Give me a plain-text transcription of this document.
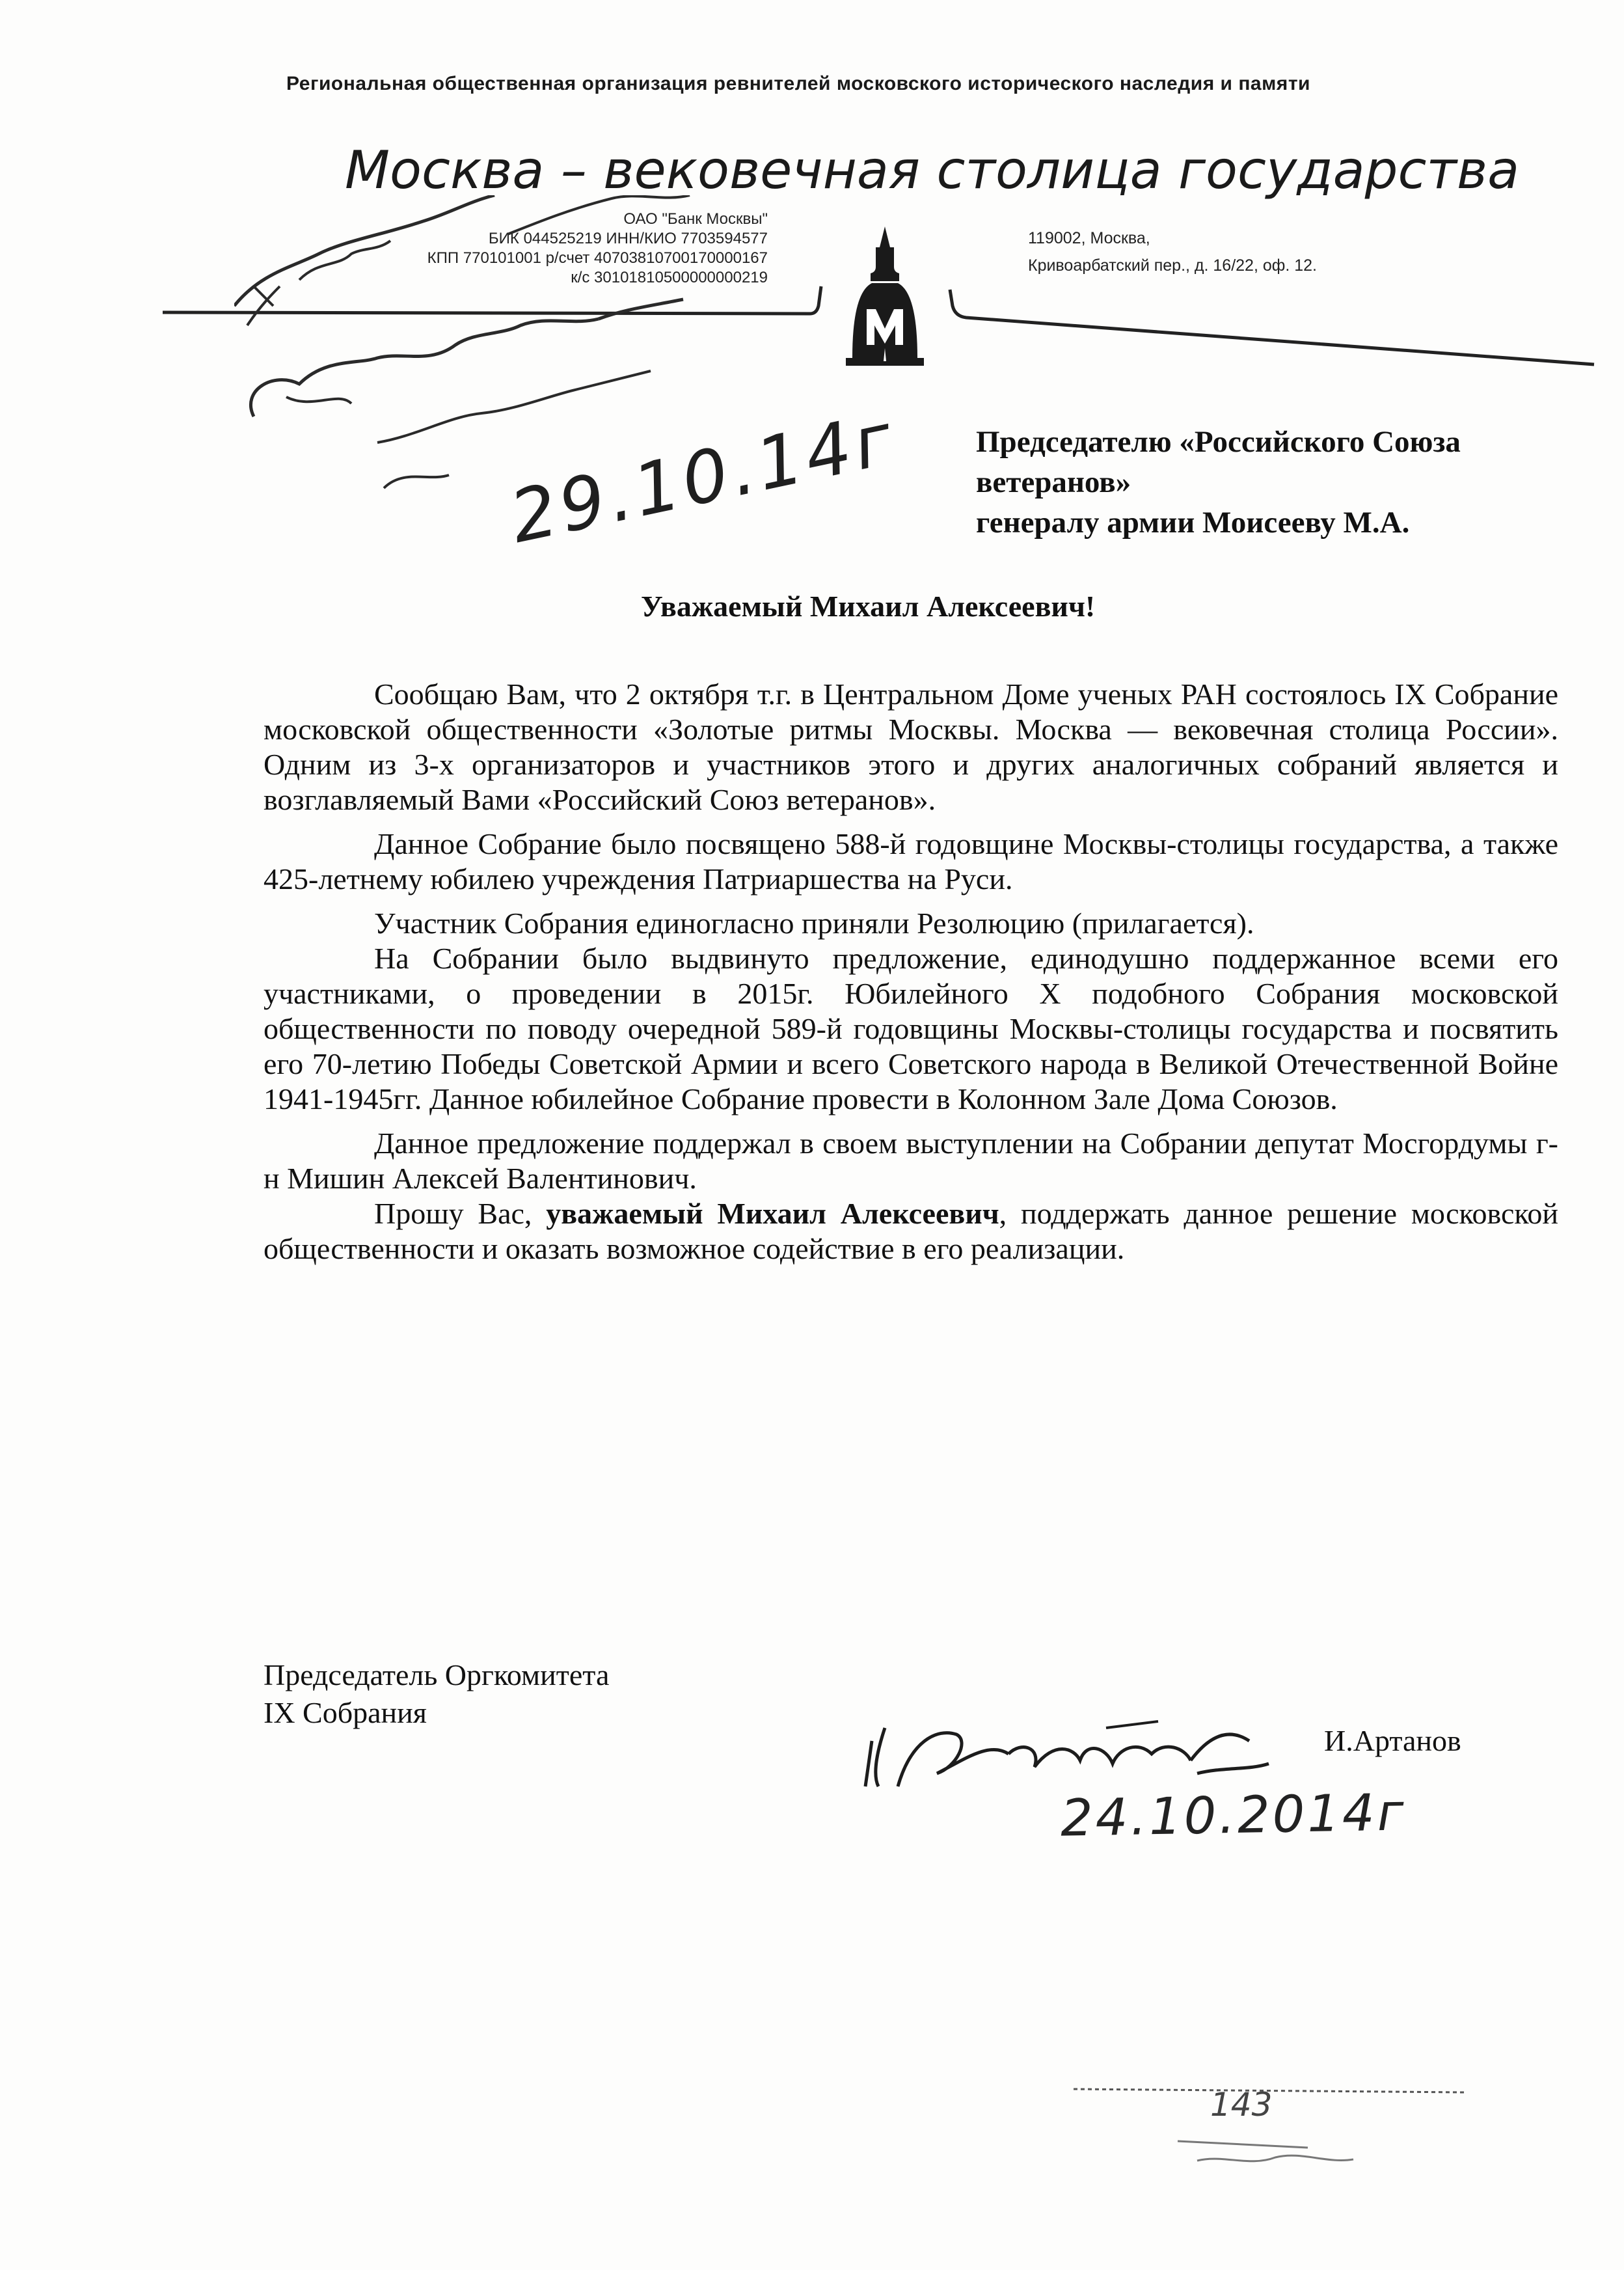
Региональная общественная организация ревнителей московского исторического наследия и памяти
Москва – вековечная столица государства
ОАО "Банк Москвы"
БИК 044525219 ИНН/КИО 7703594577
КПП 770101001 р/счет 40703810700170000167
к/с 30101810500000000219
119002, Москва,
Кривоарбатский пер., д. 16/22, оф. 12.
29.10.14г Председателю «Российского Союза
ветеранов»
генералу армии Моисееву М.А.
Уважаемый Михаил Алексеевич!

Сообщаю Вам, что 2 октября т.г. в Центральном Доме ученых РАН состоялось IX Собрание московской общественности «Золотые ритмы Москвы. Москва — вековечная столица России». Одним из 3-х организаторов и участников этого и других аналогичных собраний является и возглавляемый Вами «Российский Союз ветеранов».

Данное Собрание было посвящено 588-й годовщине Москвы-столицы государства, а также 425-летнему юбилею учреждения Патриаршества на Руси.

Участник Собрания единогласно приняли Резолюцию (прилагается).

На Собрании было выдвинуто предложение, единодушно поддержанное всеми его участниками, о проведении в 2015г. Юбилейного Х подобного Собрания московской общественности по поводу очередной 589-й годовщины Москвы-столицы государства и посвятить его 70-летию Победы Советской Армии и всего Советского народа в Великой Отечественной Войне 1941-1945гг. Данное юбилейное Собрание провести в Колонном Зале Дома Союзов.

Данное предложение поддержал в своем выступлении на Собрании депутат Мосгордумы г-н Мишин Алексей Валентинович.

Прошу Вас, уважаемый Михаил Алексеевич, поддержать данное решение московской общественности и оказать возможное содействие в его реализации.

Председатель Оргкомитета
IX Собрания
И.Артанов
24.10.2014г
143
